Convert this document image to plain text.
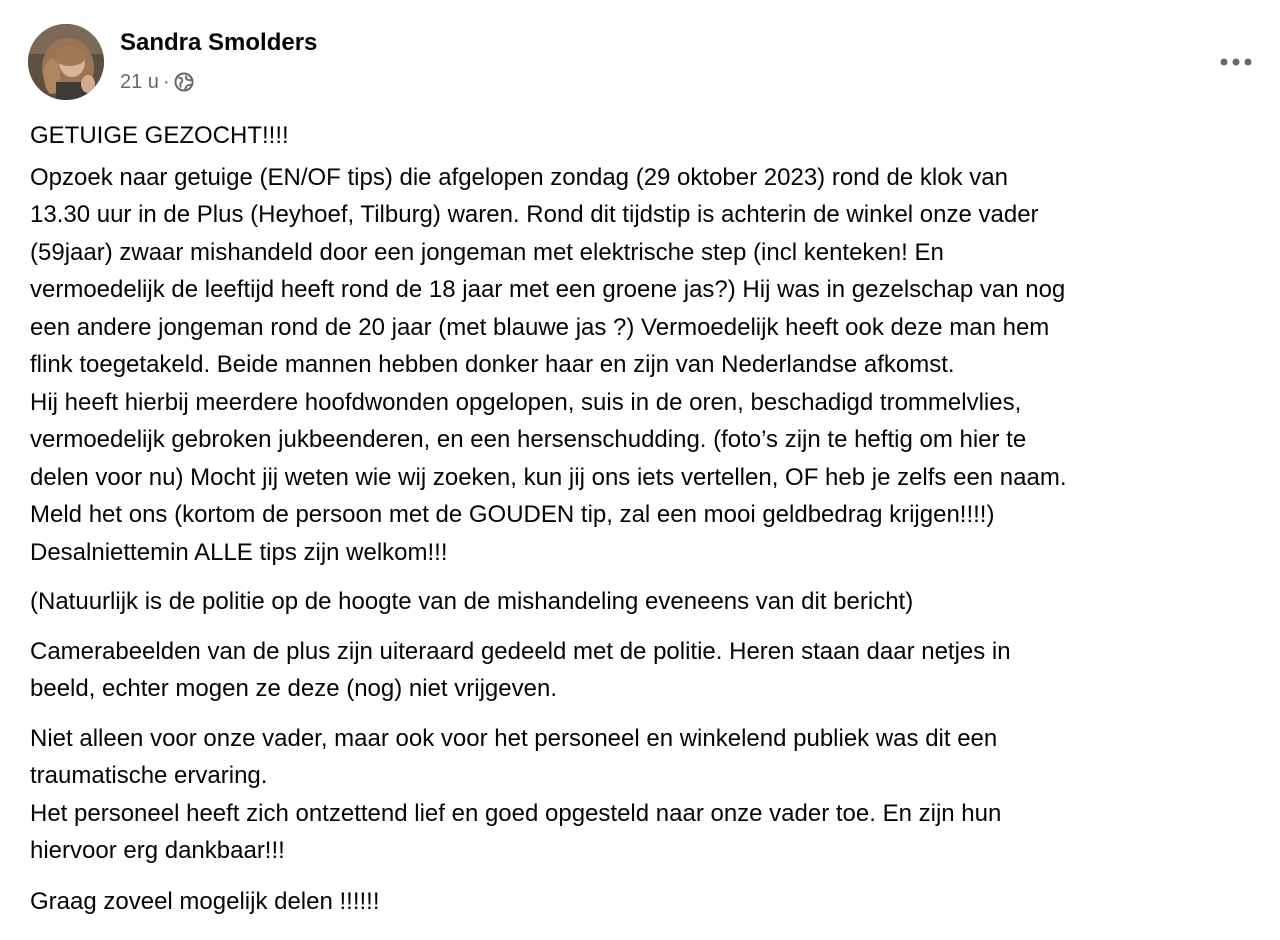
Sandra Smolders
21 u ·
GETUIGE GEZOCHT!!!!
Opzoek naar getuige (EN/OF tips) die afgelopen zondag (29 oktober 2023) rond de klok van
13.30 uur in de Plus (Heyhoef, Tilburg) waren. Rond dit tijdstip is achterin de winkel onze vader
(59jaar) zwaar mishandeld door een jongeman met elektrische step (incl kenteken! En
vermoedelijk de leeftijd heeft rond de 18 jaar met een groene jas?) Hij was in gezelschap van nog
een andere jongeman rond de 20 jaar (met blauwe jas ?) Vermoedelijk heeft ook deze man hem
flink toegetakeld. Beide mannen hebben donker haar en zijn van Nederlandse afkomst.
Hij heeft hierbij meerdere hoofdwonden opgelopen, suis in de oren, beschadigd trommelvlies,
vermoedelijk gebroken jukbeenderen, en een hersenschudding. (foto’s zijn te heftig om hier te
delen voor nu) Mocht jij weten wie wij zoeken, kun jij ons iets vertellen, OF heb je zelfs een naam.
Meld het ons (kortom de persoon met de GOUDEN tip, zal een mooi geldbedrag krijgen!!!!)
Desalniettemin ALLE tips zijn welkom!!!
(Natuurlijk is de politie op de hoogte van de mishandeling eveneens van dit bericht)
Camerabeelden van de plus zijn uiteraard gedeeld met de politie. Heren staan daar netjes in
beeld, echter mogen ze deze (nog) niet vrijgeven.
Niet alleen voor onze vader, maar ook voor het personeel en winkelend publiek was dit een
traumatische ervaring.
Het personeel heeft zich ontzettend lief en goed opgesteld naar onze vader toe. En zijn hun
hiervoor erg dankbaar!!!
Graag zoveel mogelijk delen !!!!!!
